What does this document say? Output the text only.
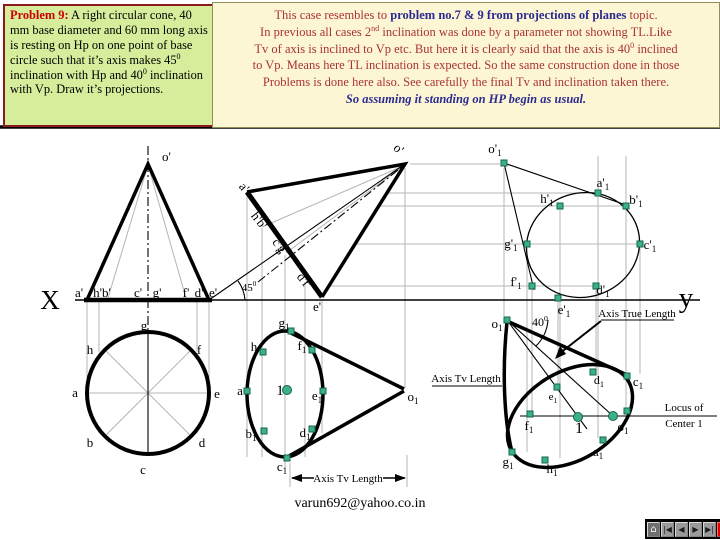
o'
a' h'b' c' g' f' d' e' $45^0$
g
h	f
a	e
b	d
c
o'
a'
h'b'
c'g'
d'f'
e'
$g_1$
h	$f_1$
a 1 $e_1$
$b_1$	$d_1$
$c_1$
$o_1$
$o'_1$
$a'_1$
$h'_1$	$b'_1$
$g'_1$	$c'_1$
$f'_1$	$d'_1$
$e'_1$
$o_1$ $40^0$
$f_1$
$e_1$
$d_1$ $c_1$
$a_1$
$h_1$
$g_1$
1	$o_1$
X	y
Axis True Length
Axis Tv Length
Axis Tv Length
Locus of
Center 1
varun692@yahoo.co.in
Problem 9: A right circular cone, 40 mm base diameter and 60 mm long axis is resting on Hp on one point of base circle such that it’s axis makes $45^0$ inclination with Hp and $40^0$ inclination with Vp. Draw it’s projections.
This case resembles to problem no.7 & 9 from projections of planes topic.
In previous all cases 2nd inclination was done by a parameter not showing TL.Like
Tv of axis is inclined to Vp etc. But here it is clearly said that the axis is $40^0$ inclined
to Vp. Means here TL inclination is expected. So the same construction done in those
Problems is done here also. See carefully the final Tv and inclination taken there.
So assuming it standing on HP begin as usual.
⌂ |◀ ◀ ▶ ▶|
